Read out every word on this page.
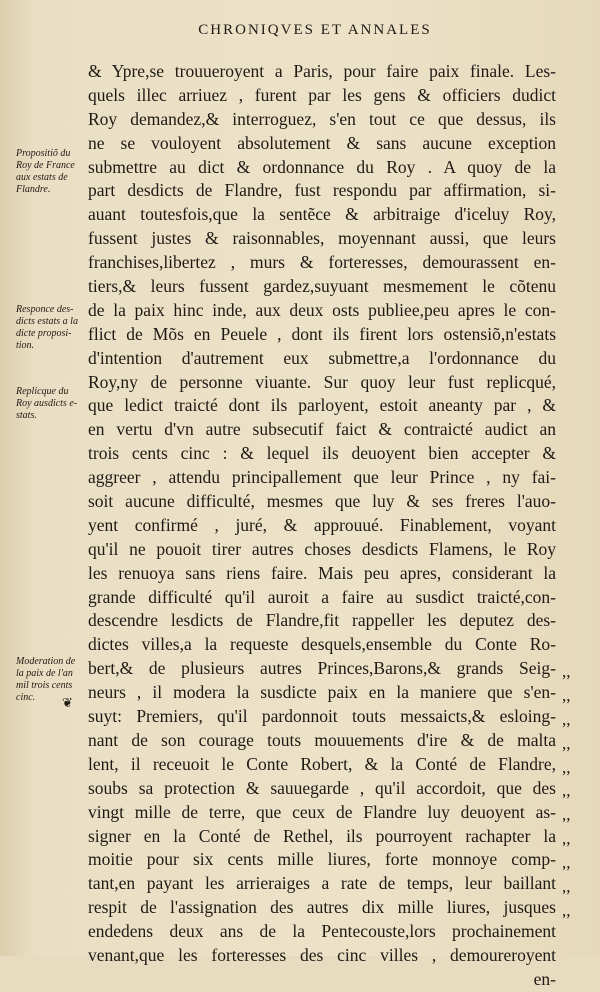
CHRONIQVES ET ANNALES
Propositiõ du
Roy de France
aux estats de
Flandre.
Responce des-
dicts estats a la
dicte proposi-
tion.
Replicque du
Roy ausdicts e-
stats.
Moderation de
la paix de l'an
mil trois cents
cinc.	❦
& Ypre,se trouueroyent a Paris, pour faire paix finale. Les-
quels illec arriuez , furent par les gens & officiers dudict
Roy demandez,& interroguez, s'en tout ce que dessus, ils
ne se vouloyent absolutement & sans aucune exception
submettre au dict & ordonnance du Roy . A quoy de la
part desdicts de Flandre, fust respondu par affirmation, si-
auant toutesfois,que la sentẽce & arbitraige d'iceluy Roy,
fussent justes & raisonnables, moyennant aussi, que leurs
franchises,libertez , murs & forteresses, demourassent en-
tiers,& leurs fussent gardez,suyuant mesmement le cõtenu
de la paix hinc inde, aux deux osts publiee,peu apres le con-
flict de Mõs en Peuele , dont ils firent lors ostensiõ,n'estats
d'intention d'autrement eux submettre,a l'ordonnance du
Roy,ny de personne viuante. Sur quoy leur fust replicqué,
que ledict traicté dont ils parloyent, estoit aneanty par , &
en vertu d'vn autre subsecutif faict & contraicté audict an
trois cents cinc : & lequel ils deuoyent bien accepter &
aggreer , attendu principallement que leur Prince , ny fai-
soit aucune difficulté, mesmes que luy & ses freres l'auo-
yent confirmé , juré, & approuué. Finablement, voyant
qu'il ne pouoit tirer autres choses desdicts Flamens, le Roy
les renuoya sans riens faire. Mais peu apres, considerant la
grande difficulté qu'il auroit a faire au susdict traicté,con-
descendre lesdicts de Flandre,fit rappeller les deputez des-
dictes villes,a la requeste desquels,ensemble du Conte Ro-
bert,& de plusieurs autres Princes,Barons,& grands Seig-
neurs , il modera la susdicte paix en la maniere que s'en-
suyt: Premiers, qu'il pardonnoit touts messaicts,& esloing-
nant de son courage touts mouuements d'ire & de malta
lent, il receuoit le Conte Robert, & la Conté de Flandre,
soubs sa protection & sauuegarde , qu'il accordoit, que des
vingt mille de terre, que ceux de Flandre luy deuoyent as-
signer en la Conté de Rethel, ils pourroyent rachapter la
moitie pour six cents mille liures, forte monnoye comp-
tant,en payant les arrieraiges a rate de temps, leur baillant
respit de l'assignation des autres dix mille liures, jusques
endedens deux ans de la Pentecouste,lors prochainement
venant,que les forteresses des cinc villes , demoureroyent
en-
,,
,,
,,
,,
,,
,,
,,
,,
,,
,,
,,
